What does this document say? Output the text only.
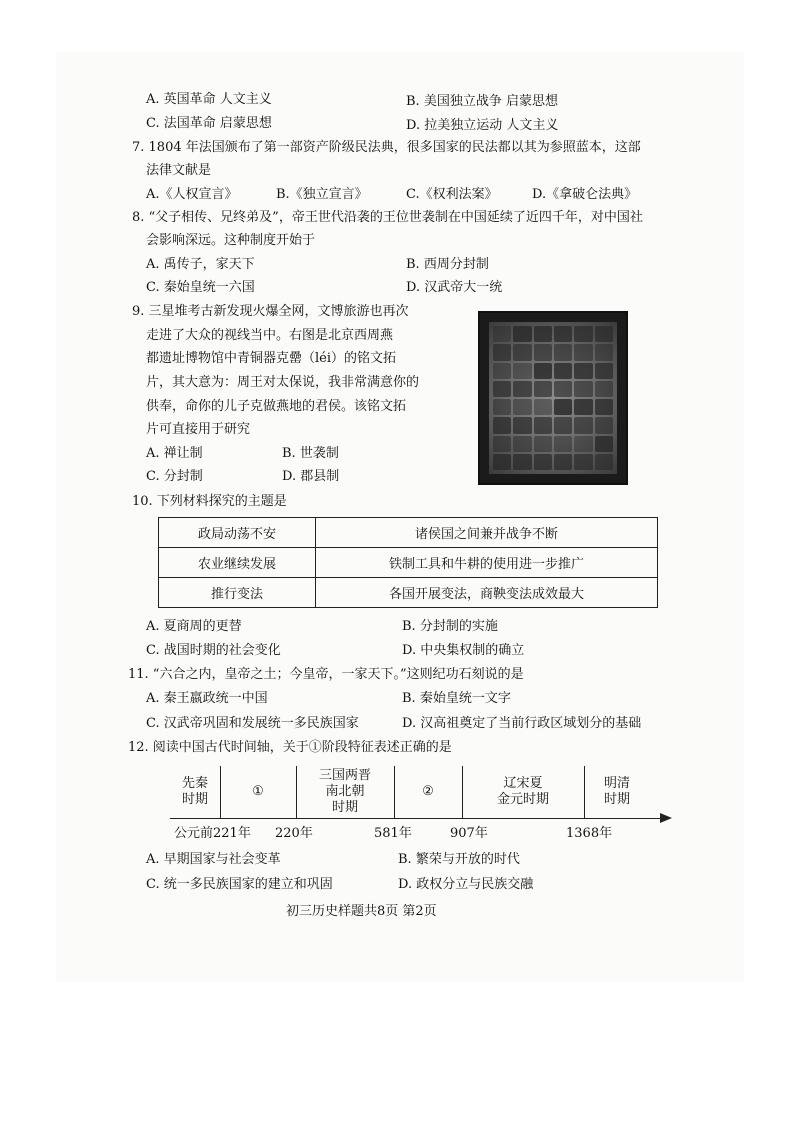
A. 英国革命 人文主义	B. 美国独立战争 启蒙思想
C. 法国革命 启蒙思想	D. 拉美独立运动 人文主义
7. 1804 年法国颁布了第一部资产阶级民法典，很多国家的民法都以其为参照蓝本，这部
法律文献是
A.《人权宣言》	B.《独立宣言》	C.《权利法案》	D.《拿破仑法典》
8. “父子相传、兄终弟及”，帝王世代沿袭的王位世袭制在中国延续了近四千年，对中国社
会影响深远。这种制度开始于
A. 禹传子，家天下	B. 西周分封制
C. 秦始皇统一六国	D. 汉武帝大一统
9. 三星堆考古新发现火爆全网，文博旅游也再次
走进了大众的视线当中。右图是北京西周燕
都遗址博物馆中青铜器克罍（léi）的铭文拓
片，其大意为：周王对太保说，我非常满意你的
供奉，命你的儿子克做燕地的君侯。该铭文拓
片可直接用于研究
A. 禅让制	B. 世袭制
C. 分封制	D. 郡县制
10. 下列材料探究的主题是
政局动荡不安	诸侯国之间兼并战争不断
农业继续发展	铁制工具和牛耕的使用进一步推广
推行变法	各国开展变法，商鞅变法成效最大
A. 夏商周的更替	B. 分封制的实施
C. 战国时期的社会变化	D. 中央集权制的确立
11. “六合之内，皇帝之土；今皇帝，一家天下。”这则纪功石刻说的是
A. 秦王嬴政统一中国	B. 秦始皇统一文字
C. 汉武帝巩固和发展统一多民族国家	D. 汉高祖奠定了当前行政区域划分的基础
12. 阅读中国古代时间轴，关于①阶段特征表述正确的是
先秦
时期
①
三国两晋
南北朝
时期
②
辽宋夏
金元时期
明清
时期
公元前221年 220年	581年	907年	1368年
A. 早期国家与社会变革	B. 繁荣与开放的时代
C. 统一多民族国家的建立和巩固	D. 政权分立与民族交融
初三历史样题共8页 第2页
